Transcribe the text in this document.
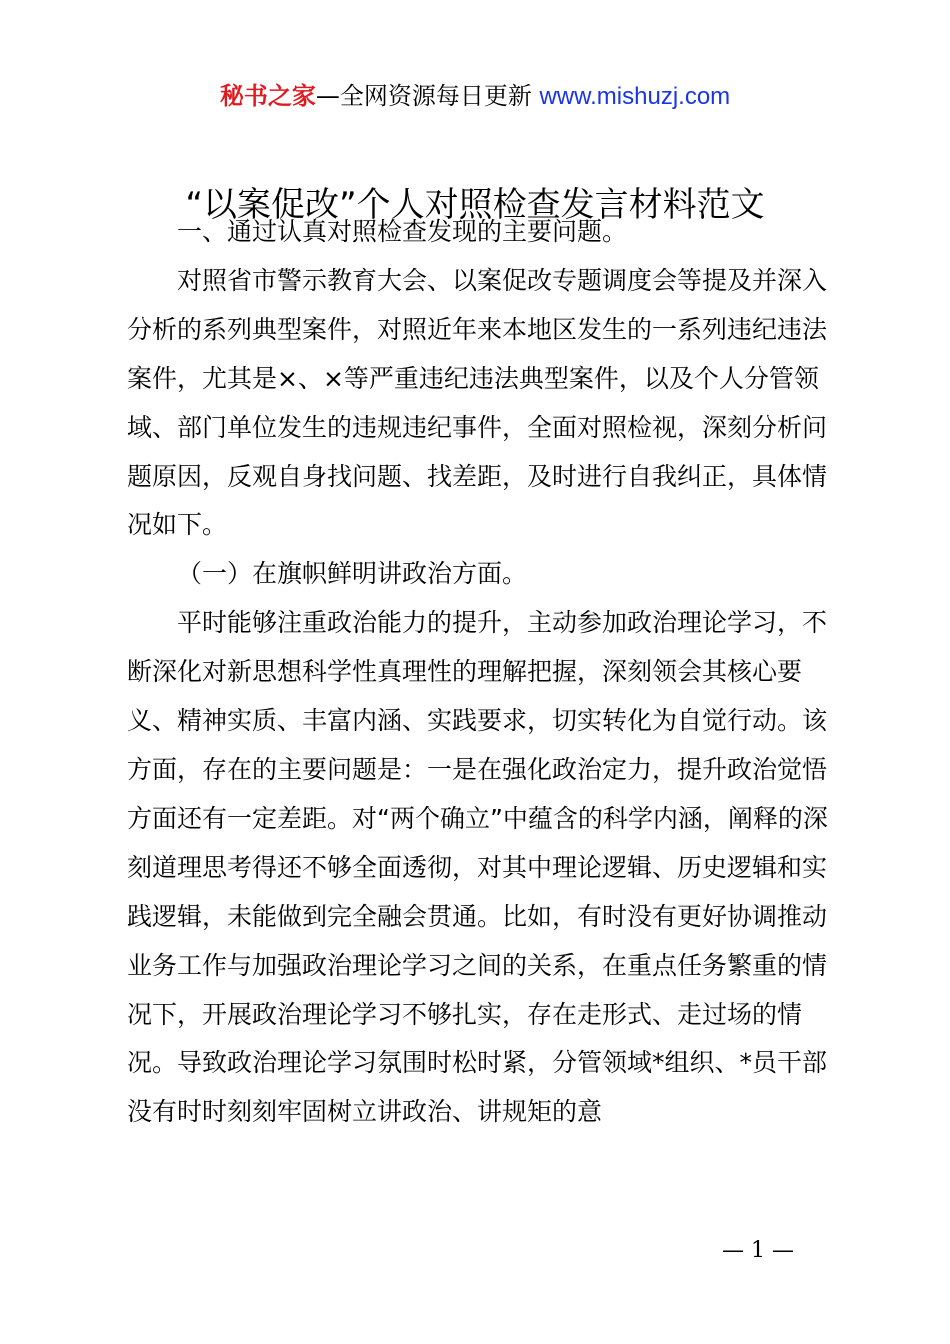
秘书之家—全网资源每日更新 www.mishuzj.com
“以案促改”个人对照检查发言材料范文

一、通过认真对照检查发现的主要问题。

对照省市警示教育大会、以案促改专题调度会等提及并深入分析的系列典型案件，对照近年来本地区发生的一系列违纪违法案件，尤其是×、×等严重违纪违法典型案件，以及个人分管领域、部门单位发生的违规违纪事件，全面对照检视，深刻分析问题原因，反观自身找问题、找差距，及时进行自我纠正，具体情况如下。

（一）在旗帜鲜明讲政治方面。

平时能够注重政治能力的提升，主动参加政治理论学习，不断深化对新思想科学性真理性的理解把握，深刻领会其核心要义、精神实质、丰富内涵、实践要求，切实转化为自觉行动。该方面，存在的主要问题是：一是在强化政治定力，提升政治觉悟方面还有一定差距。对“两个确立”中蕴含的科学内涵，阐释的深刻道理思考得还不够全面透彻，对其中理论逻辑、历史逻辑和实践逻辑，未能做到完全融会贯通。比如，有时没有更好协调推动业务工作与加强政治理论学习之间的关系，在重点任务繁重的情况下，开展政治理论学习不够扎实，存在走形式、走过场的情况。导致政治理论学习氛围时松时紧，分管领域*组织、*员干部没有时时刻刻牢固树立讲政治、讲规矩的意

— 1 —
